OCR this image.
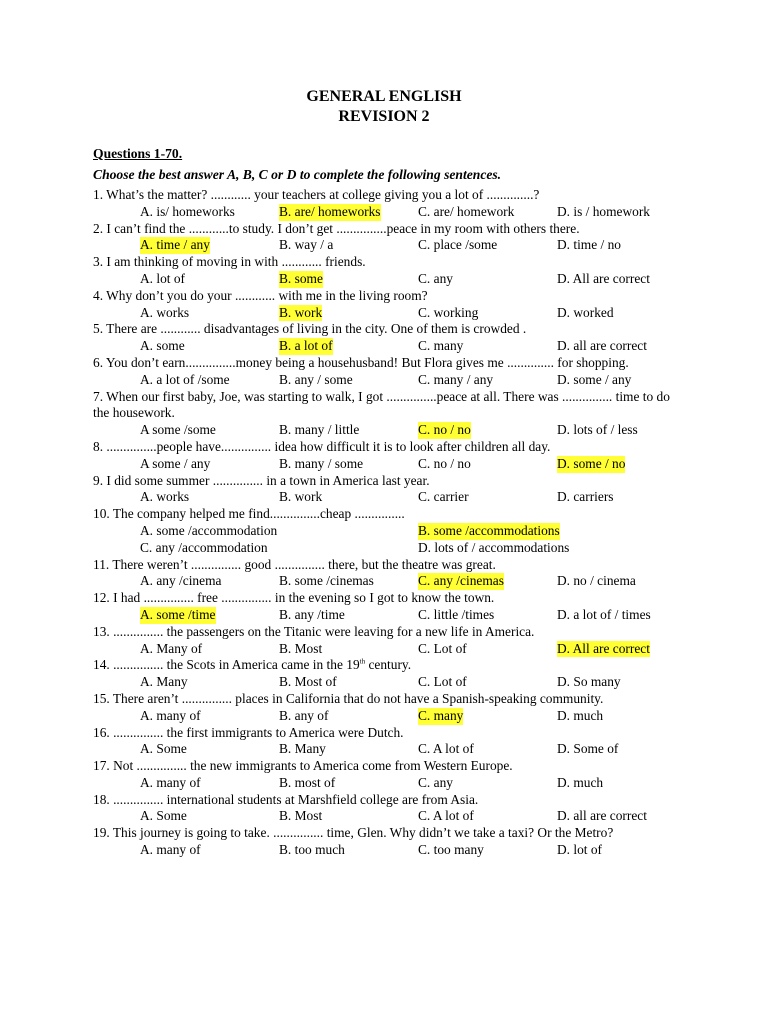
GENERAL ENGLISH
REVISION 2
Questions 1-70.
Choose the best answer A, B, C or D to complete the following sentences.
1. What’s the matter? ............ your teachers at college giving you a lot of ..............?
A. is/ homeworks	B. are/ homeworks	C. are/ homework	D. is / homework
2. I can’t find the ............to study. I don’t get ...............peace in my room with others there.
A. time / any	B. way / a	C. place /some	D. time / no
3. I am thinking of moving in with ............ friends.
A. lot of	B. some	C. any	D. All are correct
4. Why don’t you do your ............ with me in the living room?
A. works	B. work	C. working	D. worked
5. There are ............ disadvantages of living in the city. One of them is crowded .
A. some	B. a lot of	C. many	D. all are correct
6. You don’t earn...............money being a househusband! But Flora gives me .............. for shopping.
A. a lot of /some	B. any / some	C. many / any	D. some / any
7. When our first baby, Joe, was starting to walk, I got ...............peace at all. There was ............... time to do the housework.
A some /some	B. many / little	C. no / no	D. lots of / less
8. ...............people have............... idea how difficult it is to look after children all day.
A some / any	B. many / some	C. no / no	D. some / no
9. I did some summer ............... in a town in America last year.
A. works	B. work	C. carrier	D. carriers
10. The company helped me find...............cheap ...............
A. some /accommodation	B. some /accommodations
C. any /accommodation	D. lots of / accommodations
11. There weren’t ............... good ............... there, but the theatre was great.
A. any /cinema	B. some /cinemas	C. any /cinemas	D. no / cinema
12. I had ............... free ............... in the evening so I got to know the town.
A. some /time	B. any /time	C. little /times	D. a lot of / times
13. ............... the passengers on the Titanic were leaving for a new life in America.
A. Many of	B. Most	C. Lot of	D. All are correct
14. ............... the Scots in America came in the 19th century.
A. Many	B. Most of	C. Lot of	D. So many
15. There aren’t ............... places in California that do not have a Spanish-speaking community.
A. many of	B. any of	C. many	D. much
16. ............... the first immigrants to America were Dutch.
A. Some	B. Many	C. A lot of	D. Some of
17. Not ............... the new immigrants to America come from Western Europe.
A. many of	B. most of	C. any	D. much
18. ............... international students at Marshfield college are from Asia.
A. Some	B. Most	C. A lot of	D. all are correct
19. This journey is going to take. ............... time, Glen. Why didn’t we take a taxi? Or the Metro?
A. many of	B. too much	C. too many	D. lot of
